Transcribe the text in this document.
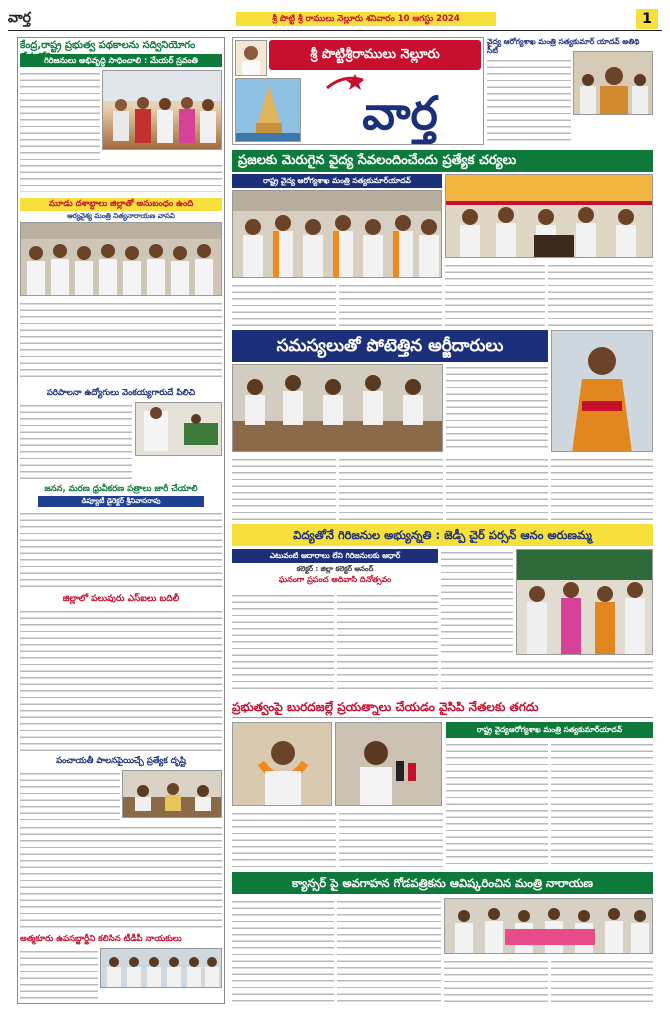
వార్త	శ్రీ పొట్టి శ్రీ రాములు నెల్లూరు శనివారం 10 ఆగస్టు 2024	1
కేంద్ర,రాష్ట్ర ప్రభుత్వ పథకాలను సద్వినియోగం
గిరిజనులు అభివృద్ధి సాధించాలి : మేయర్ స్రవంతి
మూడు దశాబ్దాలు జిల్లాతో అనుబంధం ఉంది
ఆర్యవైశ్య మంత్రి నిత్యనారాయణ వాసవి
పరిపాలనా ఉద్యోగులు వెంకయ్యగారుదే పిలిచి
జనన, మరణ ధ్రువీకరణ పత్రాలు జారీ చేయాలి
డిప్యూటీ డైరెక్టర్ శ్రీనివాసరావు
జిల్లాలో పలువురు ఎస్‌ఐలు బదిలీ
పంచాయతీ పాలనపైయిచ్చే ప్రత్యేక దృష్టి
అత్మకూరు ఉపసబ్జార్జీని కలిసిన టీడీపీ నాయకులు
శ్రీ పొట్టిశ్రీరాములు నెల్లూరు
వార్త
వైద్య ఆరోగ్యశాఖ మంత్రి సత్యకుమార్‌ యాదవ్ అతిథి సీటీ
ప్రజలకు మెరుగైన వైద్య సేవలందించేందు ప్రత్యేక చర్యలు
రాష్ట్ర వైద్య ఆరోగ్యశాఖ మంత్రి సత్యకుమార్‌యాదవ్
సమస్యలుతో పోటెత్తిన అర్జీదారులు
విద్యతోనే గిరిజనుల అభ్యున్నతి : జెడ్పీ చైర్ పర్సన్ ఆనం అరుణమ్మ
ఎటువంటి ఆదారాలు లేని గిరిజనులకు ఆధార్
కలెక్టర్ : జిల్లా కలెక్టర్ ఆనంద్
ఘనంగా ప్రపంచ ఆదివాసి దినోత్సవం
ప్రభుత్వంపై బురదజల్లే ప్రయత్నాలు చేయడం వైసిపి నేతలకు తగదు
రాష్ట్ర వైద్యఆరోగ్యశాఖ మంత్రి సత్యకుమార్‌యాదవ్
క్యాన్సర్ పై అవగాహన గోడపత్రికను ఆవిష్కరించిన మంత్రి నారాయణ
